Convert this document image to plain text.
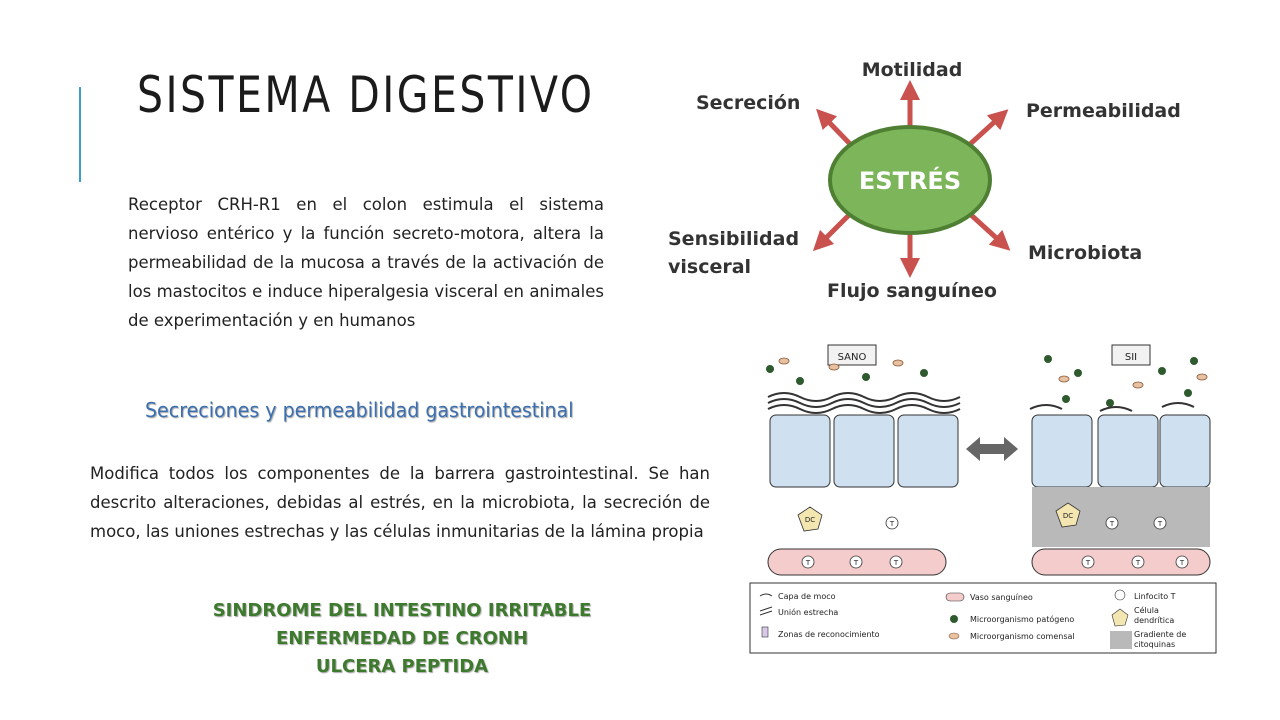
SISTEMA DIGESTIVO
Receptor CRH-R1 en el colon estimula el sistema nervioso entérico y la función secreto-motora, altera la permeabilidad de la mucosa a través de la activación de los mastocitos e induce hiperalgesia visceral en animales de experimentación y en humanos
Secreciones y permeabilidad gastrointestinal
Modifica todos los componentes de la barrera gastrointestinal. Se han descrito alteraciones, debidas al estrés, en la microbiota, la secreción de moco, las uniones estrechas y las células inmunitarias de la lámina propia
SINDROME DEL INTESTINO IRRITABLE
ENFERMEDAD DE CRONH
ULCERA PEPTIDA
ESTRÉS
Motilidad
Secreción	Permeabilidad
Sensibilidad
visceral
Microbiota
Flujo sanguíneo
SANO	SII
DC	DC
T	T	T
T
T	T	T
T	T
Capa de moco
Unión estrecha
Zonas de reconocimiento
Vaso sanguíneo
Microorganismo patógeno
Microorganismo comensal
Linfocito T
Célula
dendrítica
Gradiente de
citoquinas
